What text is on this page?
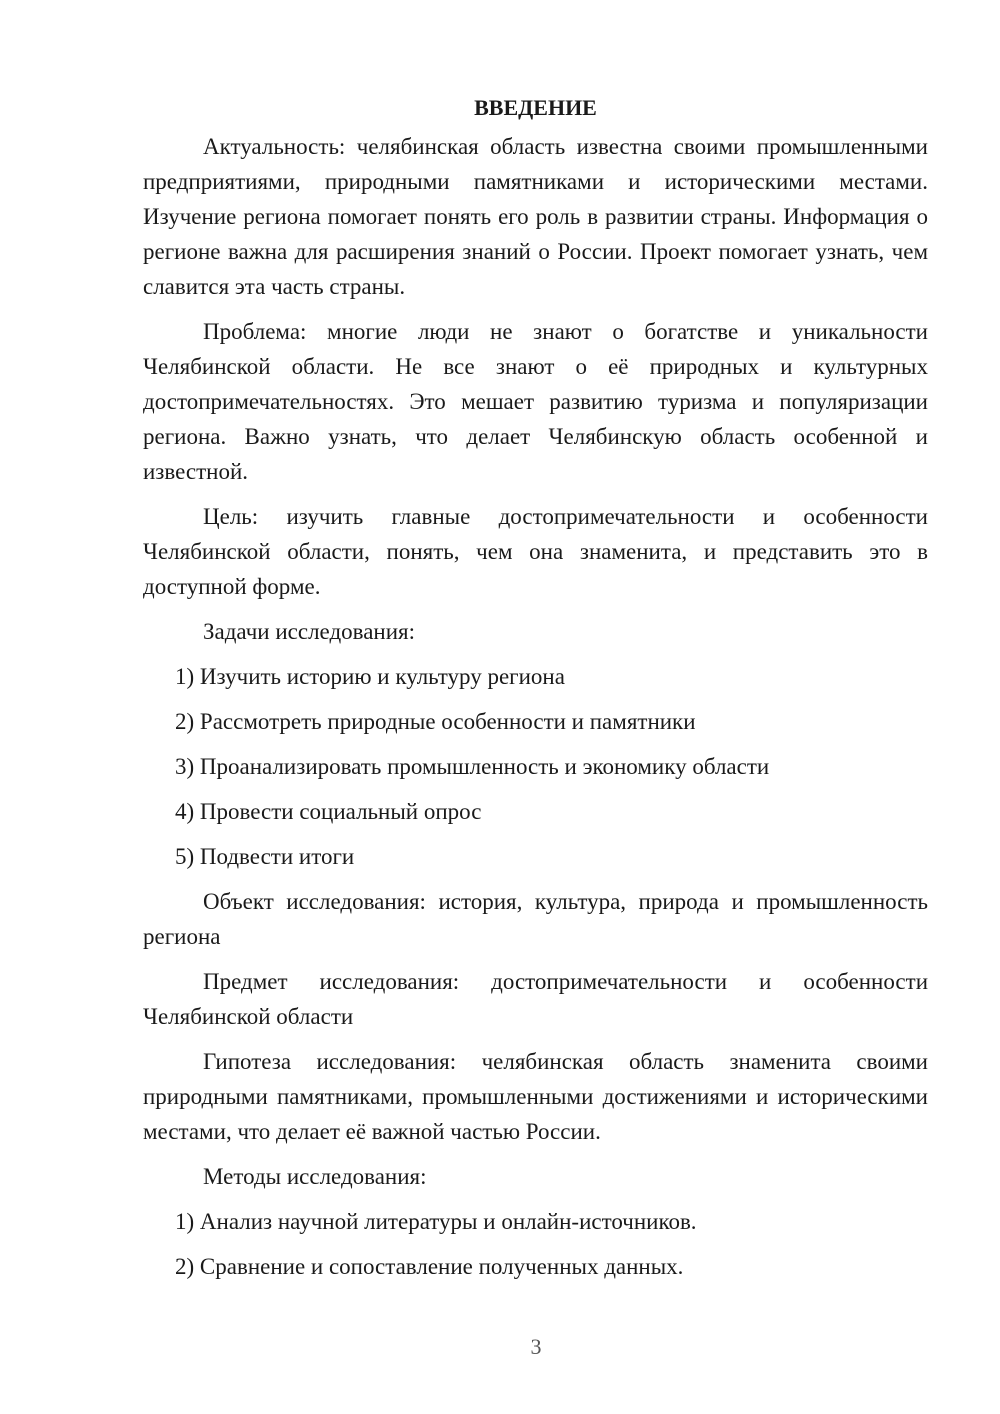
ВВЕДЕНИЕ

Актуальность: челябинская область известна своими промышленными предприятиями, природными памятниками и историческими местами. Изучение региона помогает понять его роль в развитии страны. Информация о регионе важна для расширения знаний о России. Проект помогает узнать, чем славится эта часть страны.

Проблема: многие люди не знают о богатстве и уникальности Челябинской области. Не все знают о её природных и культурных достопримечательностях. Это мешает развитию туризма и популяризации региона. Важно узнать, что делает Челябинскую область особенной и известной.

Цель: изучить главные достопримечательности и особенности Челябинской области, понять, чем она знаменита, и представить это в доступной форме.

Задачи исследования:

1) Изучить историю и культуру региона

2) Рассмотреть природные особенности и памятники

3) Проанализировать промышленность и экономику области

4) Провести социальный опрос

5) Подвести итоги

Объект исследования: история, культура, природа и промышленность региона

Предмет исследования: достопримечательности и особенности Челябинской области

Гипотеза исследования: челябинская область знаменита своими природными памятниками, промышленными достижениями и историческими местами, что делает её важной частью России.

Методы исследования:

1) Анализ научной литературы и онлайн-источников.

2) Сравнение и сопоставление полученных данных.

3
